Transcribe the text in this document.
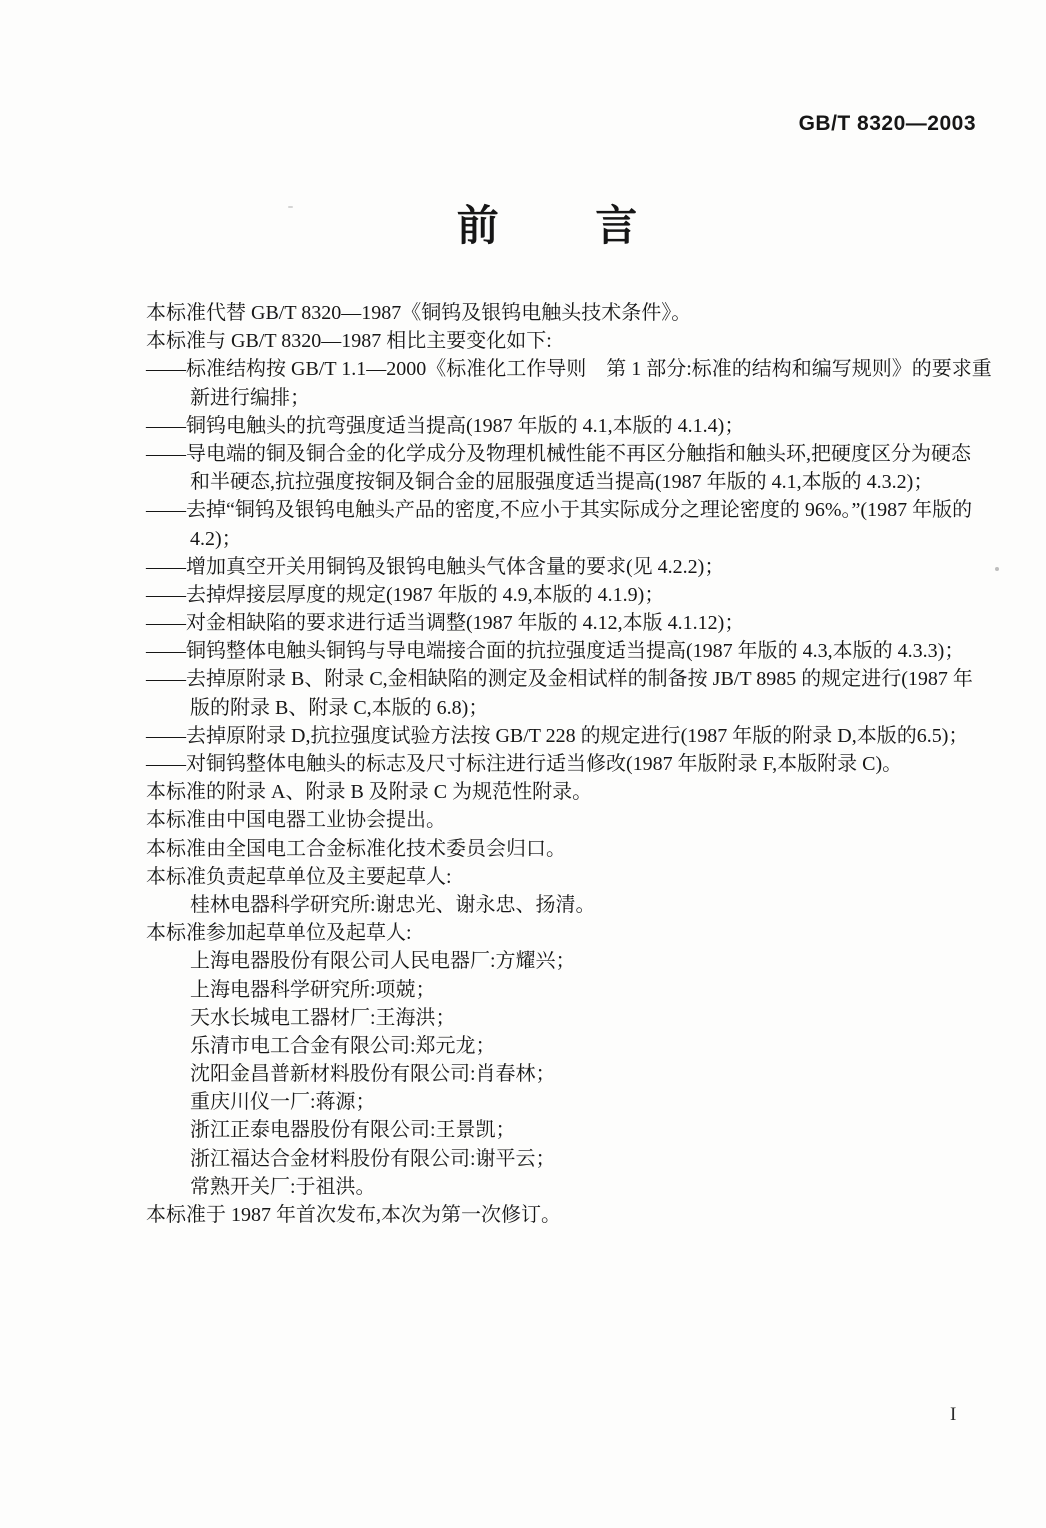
GB/T 8320—2003
前言
本标准代替 GB/T 8320—1987《铜钨及银钨电触头技术条件》。
本标准与 GB/T 8320—1987 相比主要变化如下:
——标准结构按 GB/T 1.1—2000《标准化工作导则　第 1 部分:标准的结构和编写规则》的要求重
新进行编排；
——铜钨电触头的抗弯强度适当提高(1987 年版的 4.1,本版的 4.1.4)；
——导电端的铜及铜合金的化学成分及物理机械性能不再区分触指和触头环,把硬度区分为硬态
和半硬态,抗拉强度按铜及铜合金的屈服强度适当提高(1987 年版的 4.1,本版的 4.3.2)；
——去掉“铜钨及银钨电触头产品的密度,不应小于其实际成分之理论密度的 96%。”(1987 年版的
4.2)；
——增加真空开关用铜钨及银钨电触头气体含量的要求(见 4.2.2)；
——去掉焊接层厚度的规定(1987 年版的 4.9,本版的 4.1.9)；
——对金相缺陷的要求进行适当调整(1987 年版的 4.12,本版 4.1.12)；
——铜钨整体电触头铜钨与导电端接合面的抗拉强度适当提高(1987 年版的 4.3,本版的 4.3.3)；
——去掉原附录 B、附录 C,金相缺陷的测定及金相试样的制备按 JB/T 8985 的规定进行(1987 年
版的附录 B、附录 C,本版的 6.8)；
——去掉原附录 D,抗拉强度试验方法按 GB/T 228 的规定进行(1987 年版的附录 D,本版的6.5)；
——对铜钨整体电触头的标志及尺寸标注进行适当修改(1987 年版附录 F,本版附录 C)。
本标准的附录 A、附录 B 及附录 C 为规范性附录。
本标准由中国电器工业协会提出。
本标准由全国电工合金标准化技术委员会归口。
本标准负责起草单位及主要起草人:
桂林电器科学研究所:谢忠光、谢永忠、扬清。
本标准参加起草单位及起草人:
上海电器股份有限公司人民电器厂:方耀兴；
上海电器科学研究所:项兢；
天水长城电工器材厂:王海洪；
乐清市电工合金有限公司:郑元龙；
沈阳金昌普新材料股份有限公司:肖春林；
重庆川仪一厂:蒋源；
浙江正泰电器股份有限公司:王景凯；
浙江福达合金材料股份有限公司:谢平云；
常熟开关厂:于祖洪。
本标准于 1987 年首次发布,本次为第一次修订。
I
